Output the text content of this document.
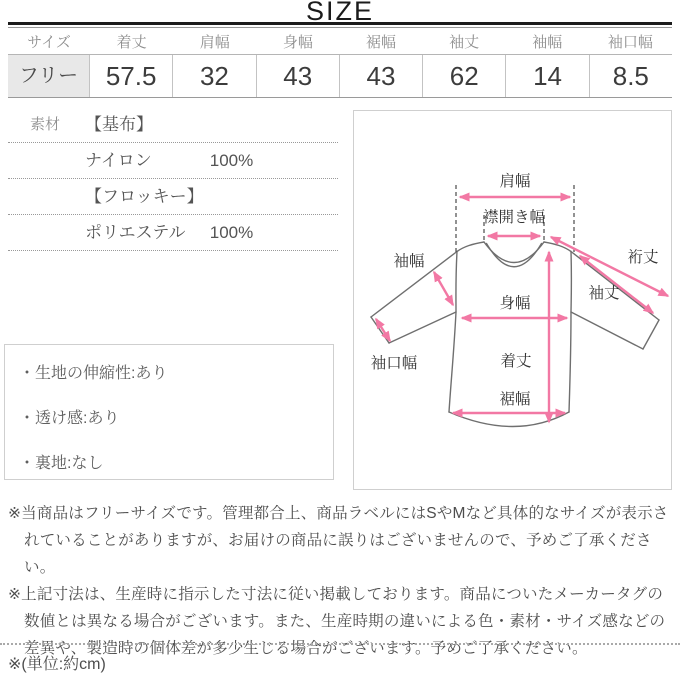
SIZE
サイズ	着丈	肩幅	身幅	裾幅	袖丈	袖幅	袖口幅
フリー	57.5	32	43	43	62	14	8.5
素材 【基布】
ナイロン	100%
【フロッキー】
ポリエステル 100%
・生地の伸縮性:あり
・透け感:あり
・裏地:なし
肩幅
襟開き幅
袖幅
袖口幅
身幅
着丈
裾幅
裄丈
袖丈

※当商品はフリーサイズです。管理都合上、商品ラベルにはSやMなど具体的なサイズが表示されていることがありますが、お届けの商品に誤りはございませんので、予めご了承ください。

※上記寸法は、生産時に指示した寸法に従い掲載しております。商品についたメーカータグの数値とは異なる場合がございます。また、生産時期の違いによる色・素材・サイズ感などの差異や、製造時の個体差が多少生じる場合がございます。予めご了承ください。

※(単位:約cm)
